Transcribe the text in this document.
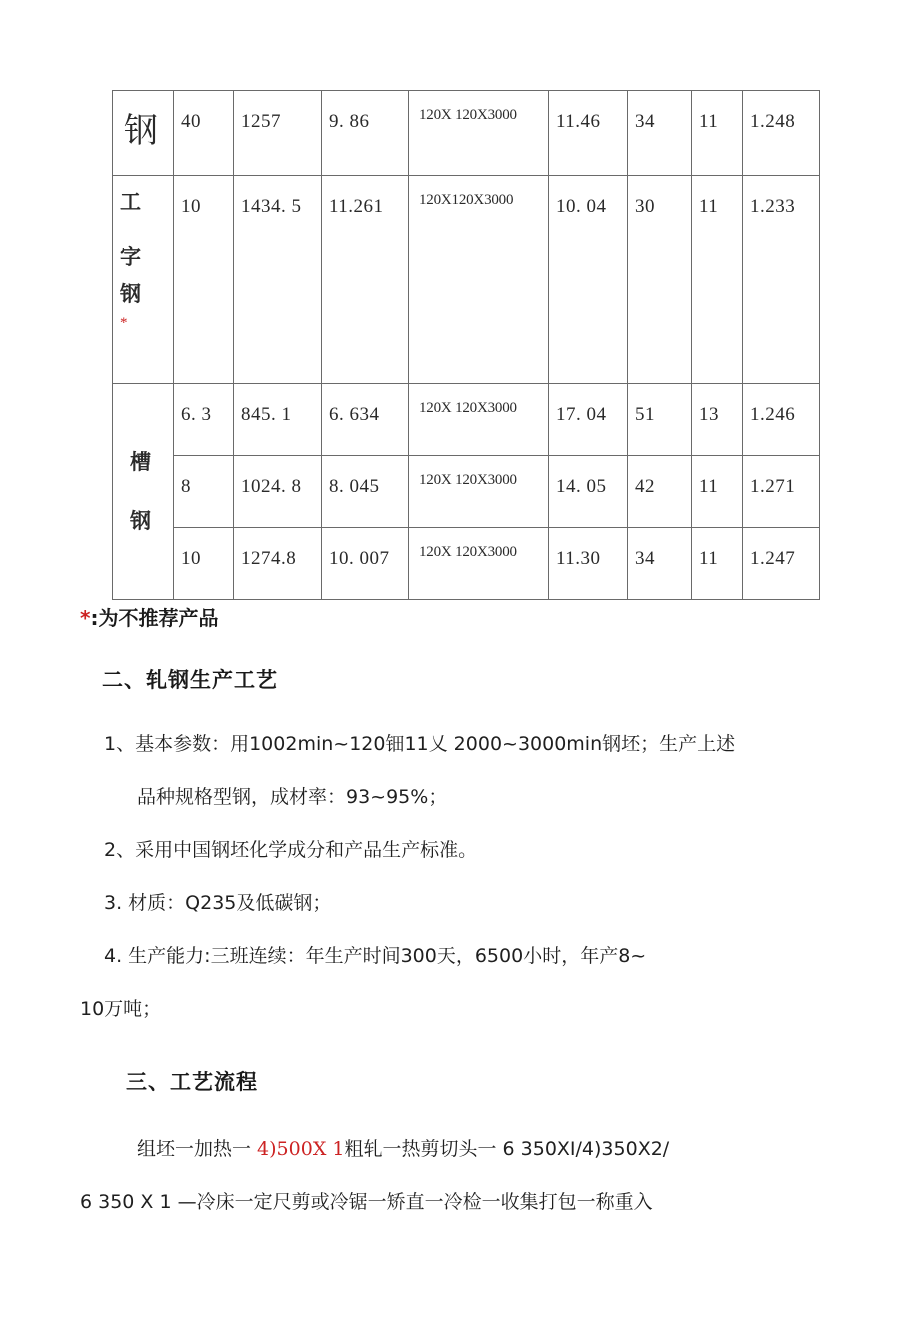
钢	40	1257	9. 86	120X 120X3000	11.46	34	11	1.248

工
字
钢
*	10	1434. 5	11.261	120X120X3000	10. 04	30	11	1.233

槽
钢	6. 3	845. 1	6. 634	120X 120X3000	17. 04	51	13	1.246

	8	1024. 8	8. 045	120X 120X3000	14. 05	42	11	1.271

	10	1274.8	10. 007	120X 120X3000	11.30	34	11	1.247
*:为不推荐产品
二、轧钢生产工艺
1、基本参数：用1002min~120钿11乂 2000~3000min钢坯；生产上述
品种规格型钢，成材率：93~95%；
2、采用中国钢坯化学成分和产品生产标准。
3. 材质：Q235及低碳钢；
4. 生产能力:三班连续：年生产时间300天，6500小时，年产8~
10万吨；
三、工艺流程
组坯一加热一 4)500X 1粗轧一热剪切头一 6 350XI/4)350X2/
6 350 X 1 —冷床一定尺剪或冷锯一矫直一冷检一收集打包一称重入
